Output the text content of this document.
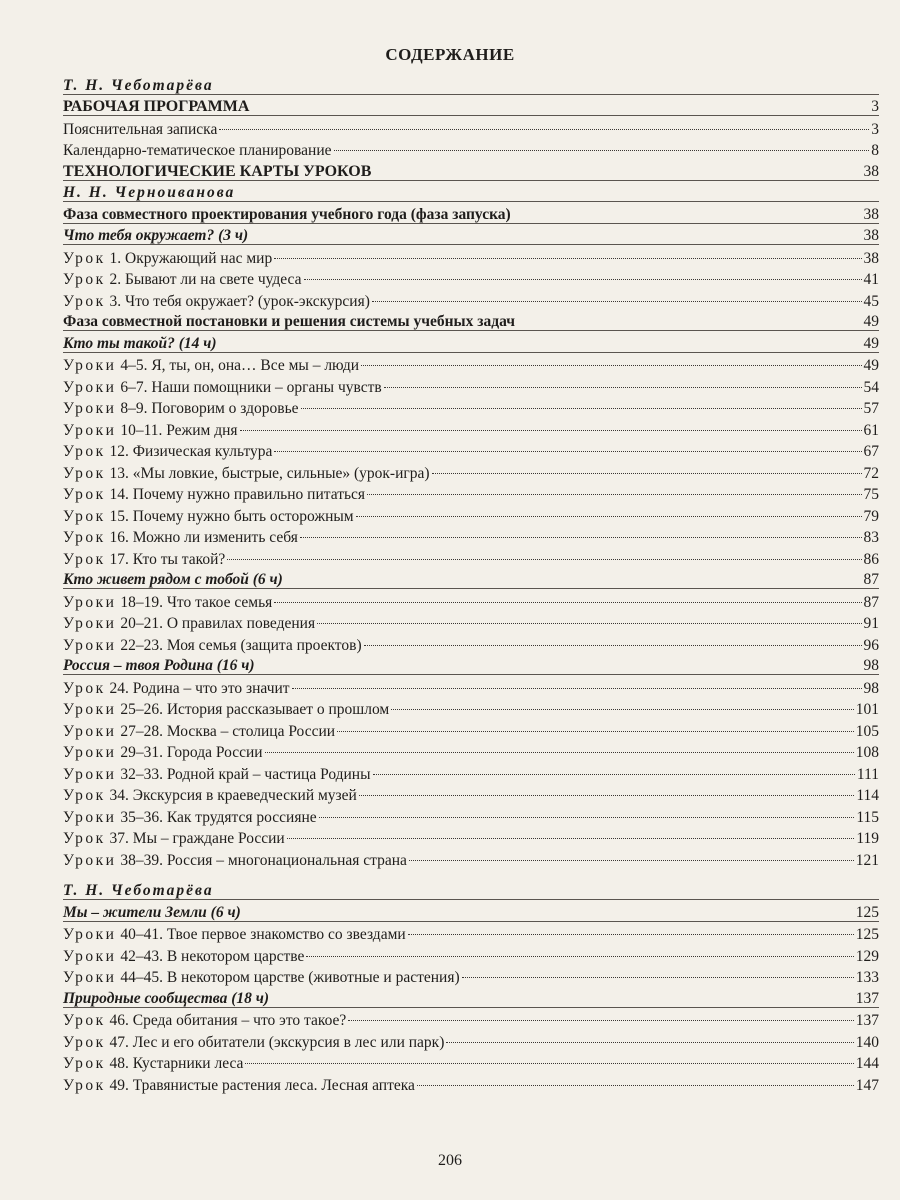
СОДЕРЖАНИЕ
Т. Н. Чеботарёва
РАБОЧАЯ ПРОГРАММА	3
Пояснительная записка	3
Календарно-тематическое планирование	8
ТЕХНОЛОГИЧЕСКИЕ КАРТЫ УРОКОВ	38
Н. Н. Черноиванова
Фаза совместного проектирования учебного года (фаза запуска)	38
Что тебя окружает? (3 ч)	38
Урок 1. Окружающий нас мир	38
Урок 2. Бывают ли на свете чудеса	41
Урок 3. Что тебя окружает? (урок-экскурсия)	45
Фаза совместной постановки и решения системы учебных задач	49
Кто ты такой? (14 ч)	49
Уроки 4–5. Я, ты, он, она… Все мы – люди	49
Уроки 6–7. Наши помощники – органы чувств	54
Уроки 8–9. Поговорим о здоровье	57
Уроки 10–11. Режим дня	61
Урок 12. Физическая культура	67
Урок 13. «Мы ловкие, быстрые, сильные» (урок-игра)	72
Урок 14. Почему нужно правильно питаться	75
Урок 15. Почему нужно быть осторожным	79
Урок 16. Можно ли изменить себя	83
Урок 17. Кто ты такой?	86
Кто живет рядом с тобой (6 ч)	87
Уроки 18–19. Что такое семья	87
Уроки 20–21. О правилах поведения	91
Уроки 22–23. Моя семья (защита проектов)	96
Россия – твоя Родина (16 ч)	98
Урок 24. Родина – что это значит	98
Уроки 25–26. История рассказывает о прошлом	101
Уроки 27–28. Москва – столица России	105
Уроки 29–31. Города России	108
Уроки 32–33. Родной край – частица Родины	111
Урок 34. Экскурсия в краеведческий музей	114
Уроки 35–36. Как трудятся россияне	115
Урок 37. Мы – граждане России	119
Уроки 38–39. Россия – многонациональная страна	121
Т. Н. Чеботарёва
Мы – жители Земли (6 ч)	125
Уроки 40–41. Твое первое знакомство со звездами	125
Уроки 42–43. В некотором царстве	129
Уроки 44–45. В некотором царстве (животные и растения)	133
Природные сообщества (18 ч)	137
Урок 46. Среда обитания – что это такое?	137
Урок 47. Лес и его обитатели (экскурсия в лес или парк)	140
Урок 48. Кустарники леса	144
Урок 49. Травянистые растения леса. Лесная аптека	147
206
